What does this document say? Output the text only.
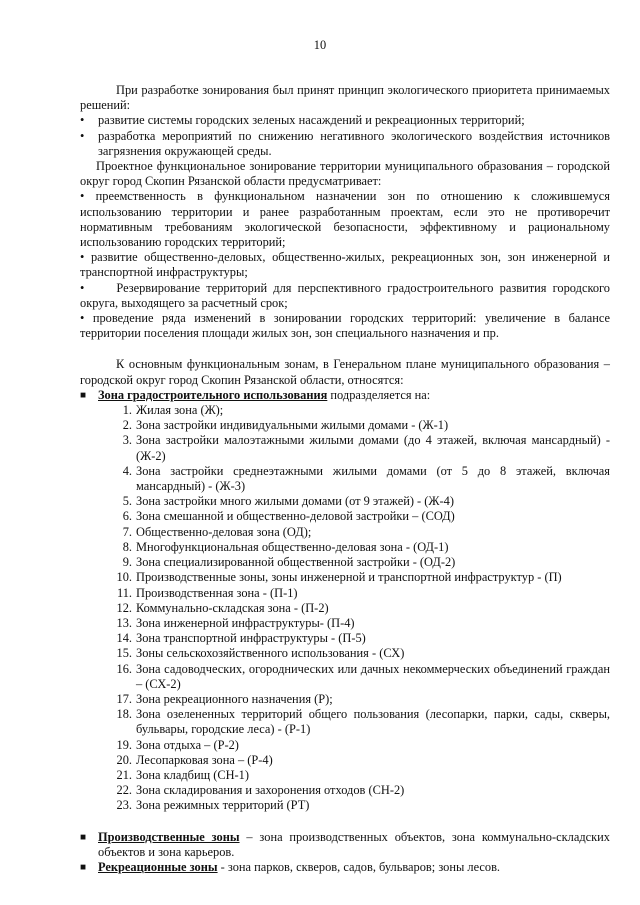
10

При разработке зонирования был принят принцип экологического приоритета принимаемых решений:

• развитие системы городских зеленых насаждений и рекреационных территорий;
• разработка мероприятий по снижению негативного экологического воздействия источников загрязнения окружающей среды.

Проектное функциональное зонирование территории муниципального образования – городской округ город Скопин Рязанской области предусматривает:

• преемственность в функциональном назначении зон по отношению к сложившемуся использованию территории и ранее разработанным проектам, если это не противоречит нормативным требованиям экологической безопасности, эффективному и рациональному использованию городских территорий;

• развитие общественно-деловых, общественно-жилых, рекреационных зон, зон инженерной и транспортной инфраструктуры;

•	Резервирование территорий для перспективного градостроительного развития городского округа, выходящего за расчетный срок;

• проведение ряда изменений в зонировании городских территорий: увеличение в балансе территории поселения площади жилых зон, зон специального назначения и пр.

К основным функциональным зонам, в Генеральном плане муниципального образования – городской округ город Скопин Рязанской области, относятся:

■ Зона градостроительного использования подразделяется на:
1. Жилая зона (Ж);
2. Зона застройки индивидуальными жилыми домами - (Ж-1)
3. Зона застройки малоэтажными жилыми домами (до 4 этажей, включая мансардный) - (Ж-2)
4. Зона застройки среднеэтажными жилыми домами (от 5 до 8 этажей, включая мансардный) - (Ж-3)
5. Зона застройки много жилыми домами (от 9 этажей) - (Ж-4)
6. Зона смешанной и общественно-деловой застройки – (СОД)
7. Общественно-деловая зона (ОД);
8. Многофункциональная общественно-деловая зона - (ОД-1)
9. Зона специализированной общественной застройки - (ОД-2)
10. Производственные зоны, зоны инженерной и транспортной инфраструктур - (П)
11. Производственная зона - (П-1)
12. Коммунально-складская зона - (П-2)
13. Зона инженерной инфраструктуры- (П-4)
14. Зона транспортной инфраструктуры - (П-5)
15. Зоны сельскохозяйственного использования - (СХ)
16. Зона садоводческих, огороднических или дачных некоммерческих объединений граждан – (СХ-2)
17. Зона рекреационного назначения (Р);
18. Зона озелененных территорий общего пользования (лесопарки, парки, сады, скверы, бульвары, городские леса) - (Р-1)
19. Зона отдыха – (Р-2)
20. Лесопарковая зона – (Р-4)
21. Зона кладбищ (СН-1)
22. Зона складирования и захоронения отходов (СН-2)
23. Зона режимных территорий (РТ)
■ Производственные зоны – зона производственных объектов, зона коммунально-складских объектов и зона карьеров.
■ Рекреационные зоны - зона парков, скверов, садов, бульваров; зоны лесов.
